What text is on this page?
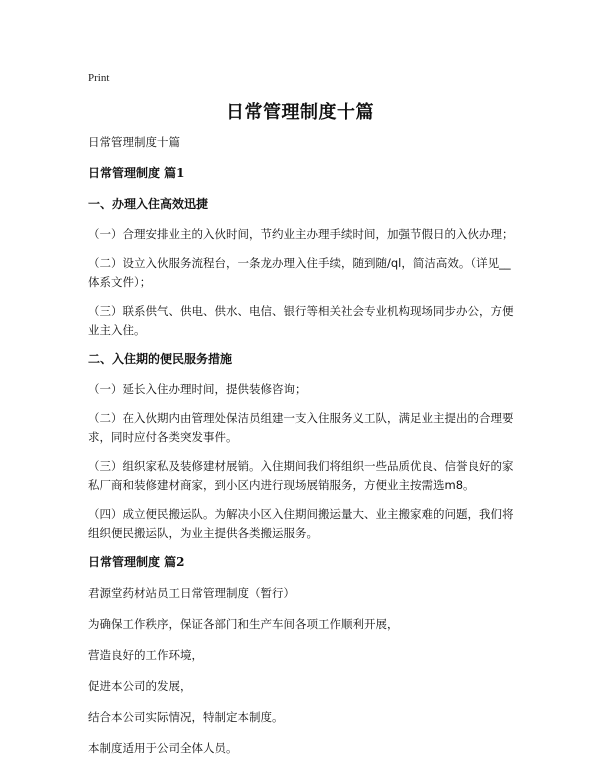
Print
日常管理制度十篇

日常管理制度十篇

日常管理制度 篇1

一、办理入住高效迅捷

（一）合理安排业主的入伙时间，节约业主办理手续时间，加强节假日的入伙办理；

（二）设立入伙服务流程台，一条龙办理入住手续，随到随/ql，简洁高效。（详见__体系文件）；

（三）联系供气、供电、供水、电信、银行等相关社会专业机构现场同步办公，方便业主入住。

二、入住期的便民服务措施

（一）延长入住办理时间，提供装修咨询；

（二）在入伙期内由管理处保洁员组建一支入住服务义工队，满足业主提出的合理要求，同时应付各类突发事件。

（三）组织家私及装修建材展销。入住期间我们将组织一些品质优良、信誉良好的家私厂商和装修建材商家，到小区内进行现场展销服务，方便业主按需选m8。

（四）成立便民搬运队。为解决小区入住期间搬运量大、业主搬家难的问题，我们将组织便民搬运队，为业主提供各类搬运服务。

日常管理制度 篇2

君源堂药材站员工日常管理制度（暂行）

为确保工作秩序，保证各部门和生产车间各项工作顺利开展，

营造良好的工作环境，

促进本公司的发展，

结合本公司实际情况，特制定本制度。

本制度适用于公司全体人员。
